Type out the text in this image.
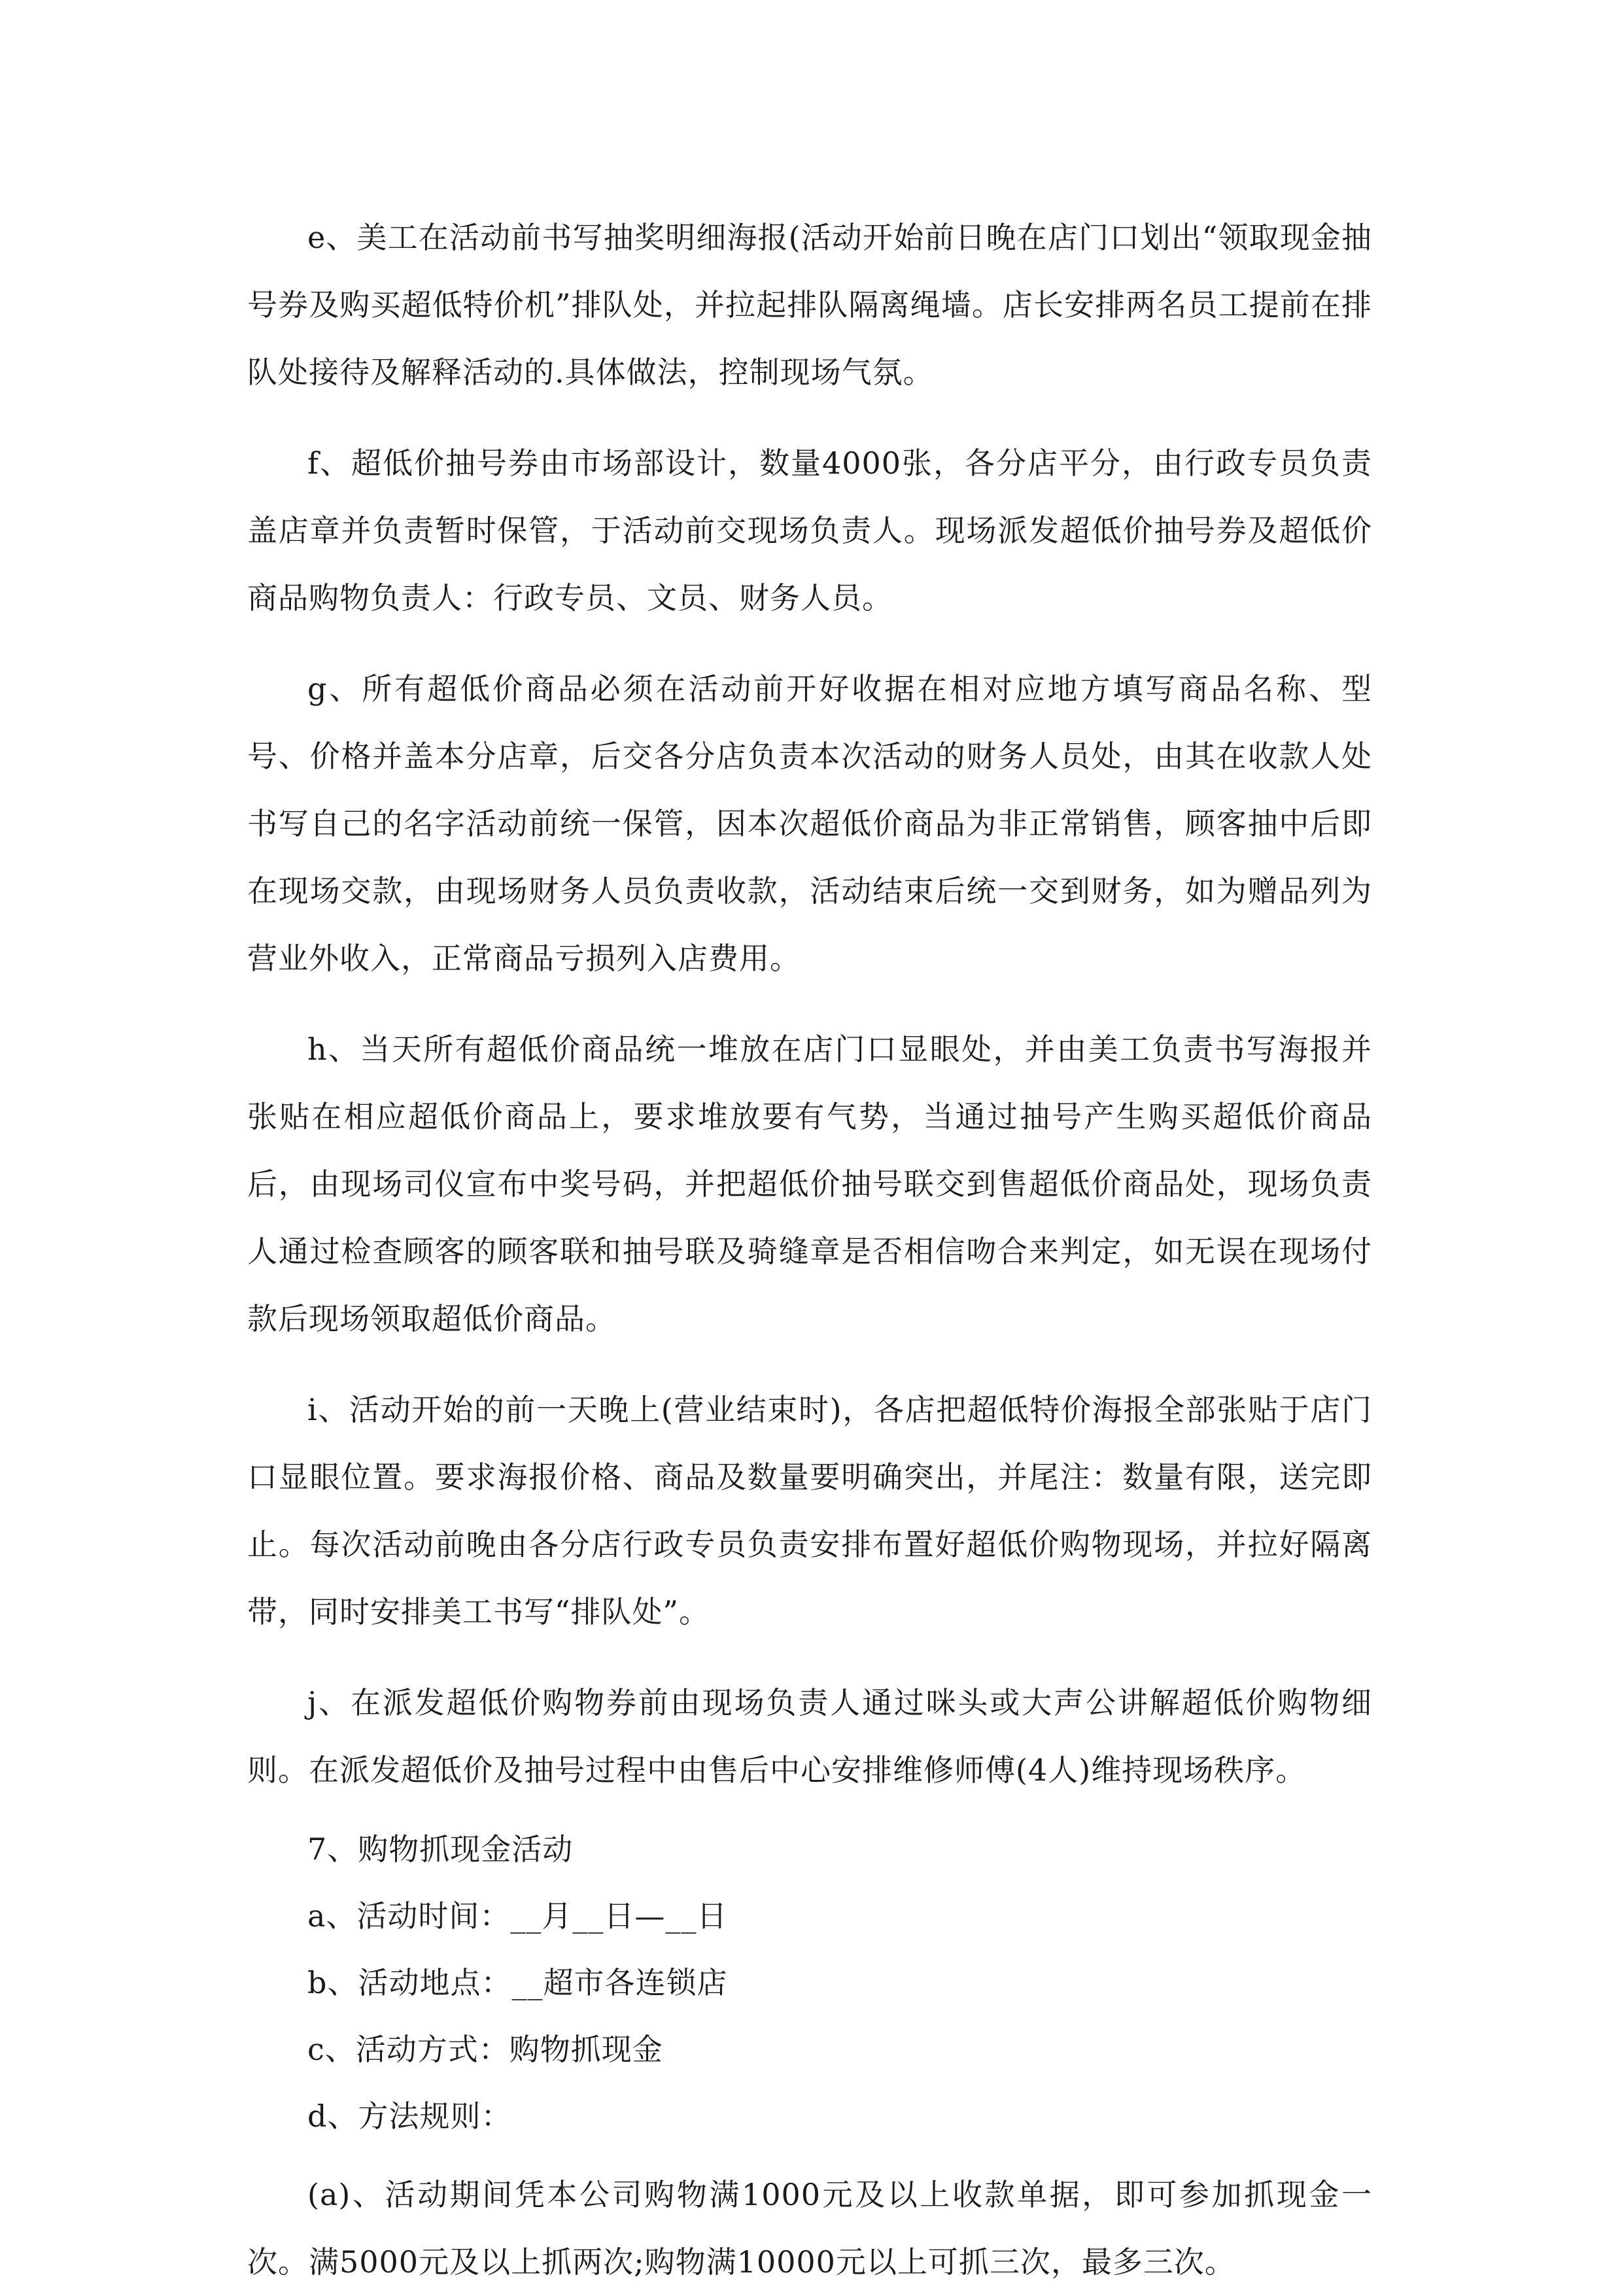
e、美工在活动前书写抽奖明细海报(活动开始前日晚在店门口划出“领取现金抽号券及购买超低特价机”排队处，并拉起排队隔离绳墙。店长安排两名员工提前在排队处接待及解释活动的.具体做法，控制现场气氛。

f、超低价抽号券由市场部设计，数量4000张，各分店平分，由行政专员负责盖店章并负责暂时保管，于活动前交现场负责人。现场派发超低价抽号券及超低价商品购物负责人：行政专员、文员、财务人员。

g、所有超低价商品必须在活动前开好收据在相对应地方填写商品名称、型号、价格并盖本分店章，后交各分店负责本次活动的财务人员处，由其在收款人处书写自己的名字活动前统一保管，因本次超低价商品为非正常销售，顾客抽中后即在现场交款，由现场财务人员负责收款，活动结束后统一交到财务，如为赠品列为营业外收入，正常商品亏损列入店费用。

h、当天所有超低价商品统一堆放在店门口显眼处，并由美工负责书写海报并张贴在相应超低价商品上，要求堆放要有气势，当通过抽号产生购买超低价商品后，由现场司仪宣布中奖号码，并把超低价抽号联交到售超低价商品处，现场负责人通过检查顾客的顾客联和抽号联及骑缝章是否相信吻合来判定，如无误在现场付款后现场领取超低价商品。

i、活动开始的前一天晚上(营业结束时)，各店把超低特价海报全部张贴于店门口显眼位置。要求海报价格、商品及数量要明确突出，并尾注：数量有限，送完即止。每次活动前晚由各分店行政专员负责安排布置好超低价购物现场，并拉好隔离带，同时安排美工书写“排队处”。

j、在派发超低价购物券前由现场负责人通过咪头或大声公讲解超低价购物细则。在派发超低价及抽号过程中由售后中心安排维修师傅(4人)维持现场秩序。

7、购物抓现金活动

a、活动时间：__月__日—__日

b、活动地点：__超市各连锁店

c、活动方式：购物抓现金

d、方法规则：

(a)、活动期间凭本公司购物满1000元及以上收款单据，即可参加抓现金一次。满5000元及以上抓两次;购物满10000元以上可抓三次，最多三次。
